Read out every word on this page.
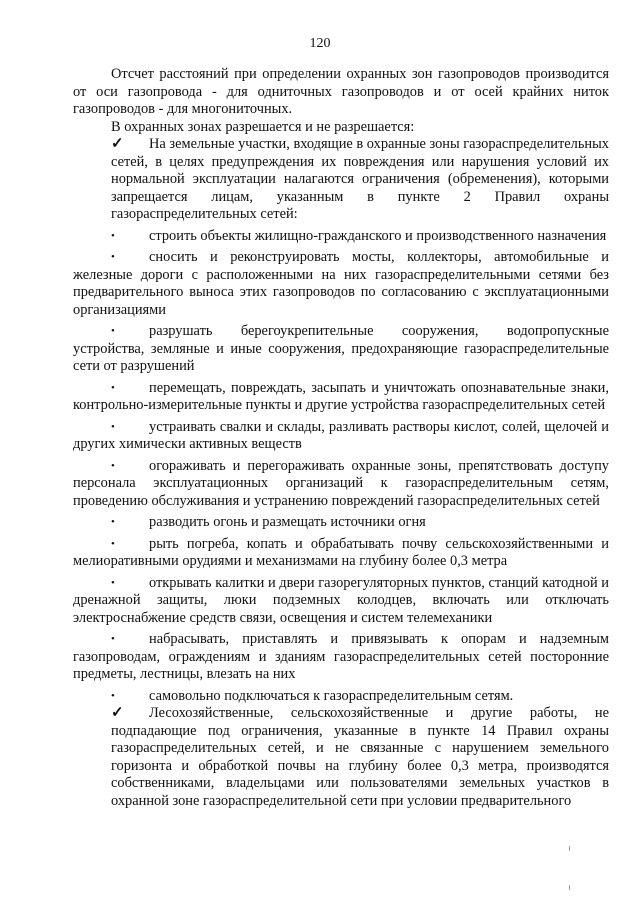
120

Отсчет расстояний при определении охранных зон газопроводов производится от оси газопровода - для одниточных газопроводов и от осей крайних ниток газопроводов - для многониточных.

В охранных зонах разрешается и не разрешается:

✓ На земельные участки, входящие в охранные зоны газораспределительных сетей, в целях предупреждения их повреждения или нарушения условий их нормальной эксплуатации налагаются ограничения (обременения), которыми запрещается лицам, указанным в пункте 2 Правил охраны газораспределительных сетей:

• строить объекты жилищно-гражданского и производственного назначения

• сносить и реконструировать мосты, коллекторы, автомобильные и железные дороги с расположенными на них газораспределительными сетями без предварительного выноса этих газопроводов по согласованию с эксплуатационными организациями

• разрушать берегоукрепительные сооружения, водопропускные устройства, земляные и иные сооружения, предохраняющие газораспределительные сети от разрушений

• перемещать, повреждать, засыпать и уничтожать опознавательные знаки, контрольно-измерительные пункты и другие устройства газораспределительных сетей

• устраивать свалки и склады, разливать растворы кислот, солей, щелочей и других химически активных веществ

• огораживать и перегораживать охранные зоны, препятствовать доступу персонала эксплуатационных организаций к газораспределительным сетям, проведению обслуживания и устранению повреждений газораспределительных сетей

• разводить огонь и размещать источники огня

• рыть погреба, копать и обрабатывать почву сельскохозяйственными и мелиоративными орудиями и механизмами на глубину более 0,3 метра

• открывать калитки и двери газорегуляторных пунктов, станций катодной и дренажной защиты, люки подземных колодцев, включать или отключать электроснабжение средств связи, освещения и систем телемеханики

• набрасывать, приставлять и привязывать к опорам и надземным газопроводам, ограждениям и зданиям газораспределительных сетей посторонние предметы, лестницы, влезать на них

• самовольно подключаться к газораспределительным сетям.

✓ Лесохозяйственные, сельскохозяйственные и другие работы, не подпадающие под ограничения, указанные в пункте 14 Правил охраны газораспределительных сетей, и не связанные с нарушением земельного горизонта и обработкой почвы на глубину более 0,3 метра, производятся собственниками, владельцами или пользователями земельных участков в охранной зоне газораспределительной сети при условии предварительного
